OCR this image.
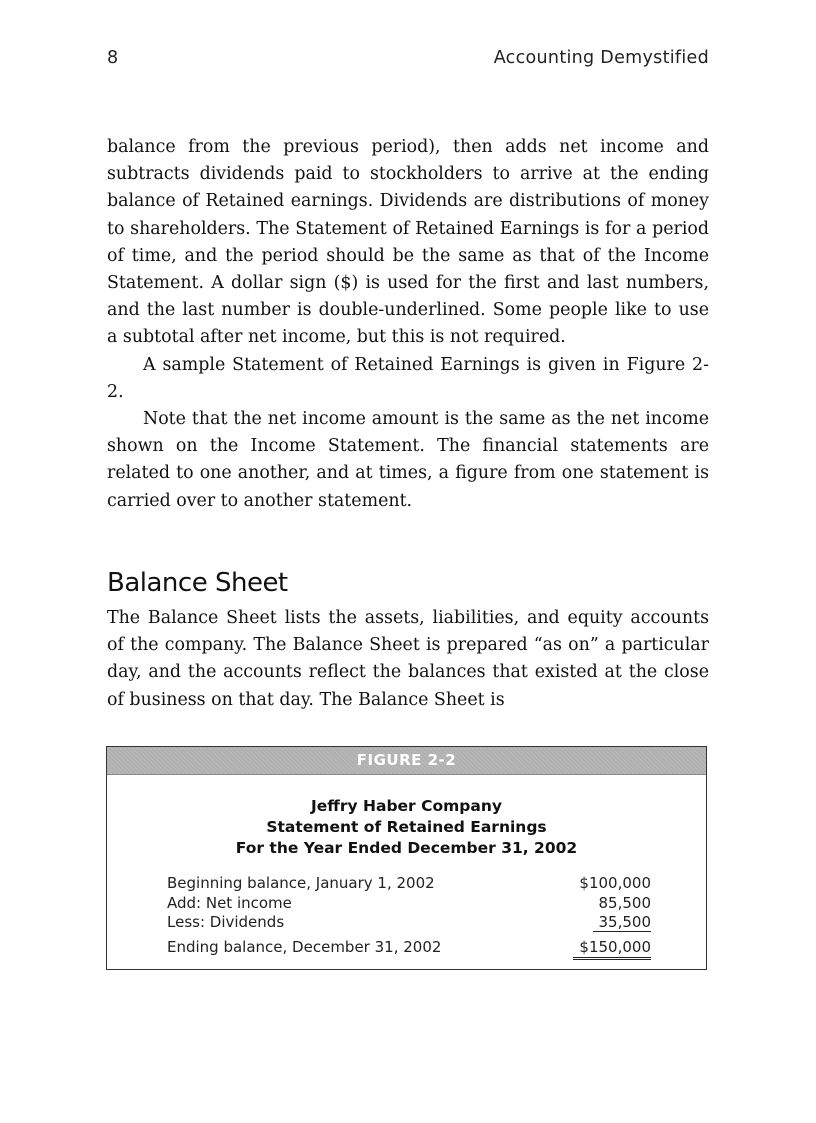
8	Accounting Demystified

balance from the previous period), then adds net income and subtracts dividends paid to stockholders to arrive at the ending balance of Retained earnings. Dividends are distributions of money to shareholders. The Statement of Retained Earnings is for a period of time, and the period should be the same as that of the Income Statement. A dollar sign ($) is used for the first and last numbers, and the last number is double-underlined. Some people like to use a subtotal after net income, but this is not required.

A sample Statement of Retained Earnings is given in Figure 2-2.

Note that the net income amount is the same as the net income shown on the Income Statement. The financial statements are related to one another, and at times, a figure from one statement is carried over to another statement.

Balance Sheet

The Balance Sheet lists the assets, liabilities, and equity accounts of the company. The Balance Sheet is prepared “as on” a particular day, and the accounts reflect the balances that existed at the close of business on that day. The Balance Sheet is

FIGURE 2-2
Jeffry Haber Company
Statement of Retained Earnings
For the Year Ended December 31, 2002
Beginning balance, January 1, 2002	$100,000
Add: Net income	85,500
Less: Dividends	35,500
Ending balance, December 31, 2002	$150,000
